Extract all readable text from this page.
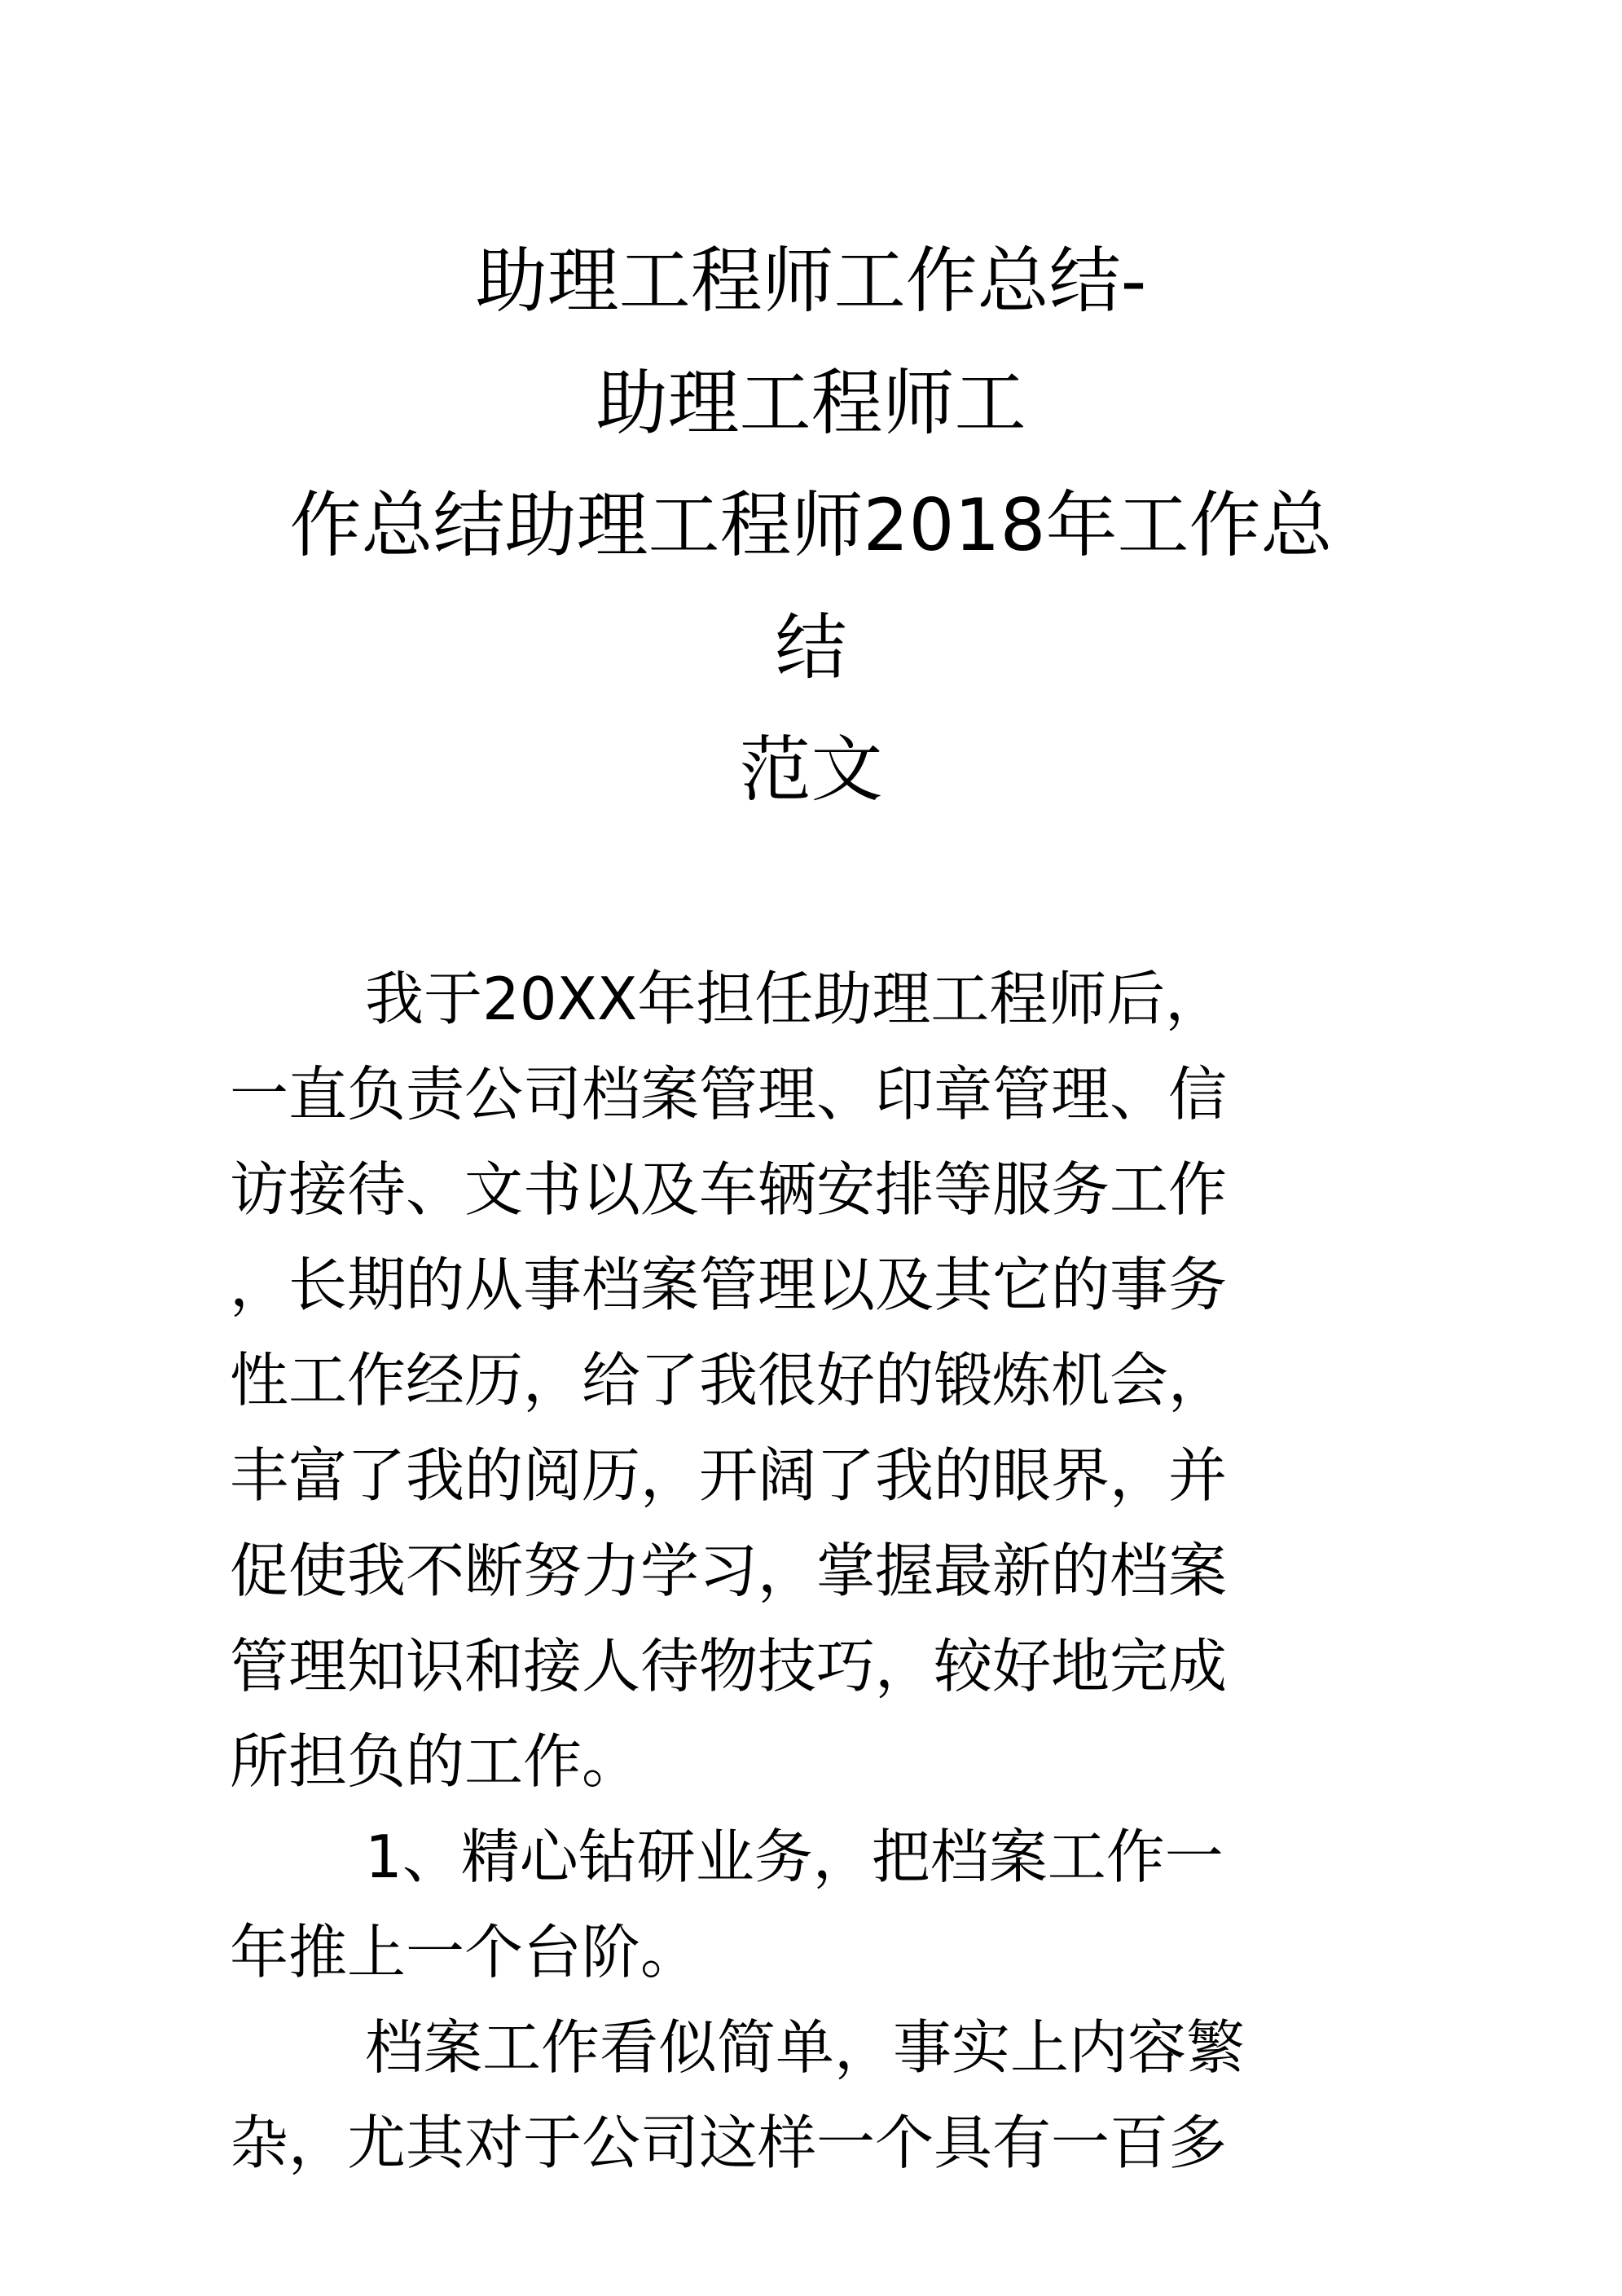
助理工程师工作总结-
助理工程师工
作总结助理工程师2018年工作总
结
范文
我于20XX年担任助理工程师后，
一直负责公司档案管理、印章管理、信
访接待、文书以及车辆安排等服务工作
，长期的从事档案管理以及其它的事务
性工作经历，给了我很好的锻炼机会，
丰富了我的阅历，开阔了我的眼界，并
促使我不断努力学习，掌握最新的档案
管理知识和接人待物技巧，较好地完成
所担负的工作。
1、精心钻研业务，把档案工作一
年推上一个台阶。
档案工作看似简单，事实上内容繁
杂，尤其对于公司这样一个具有一百多
